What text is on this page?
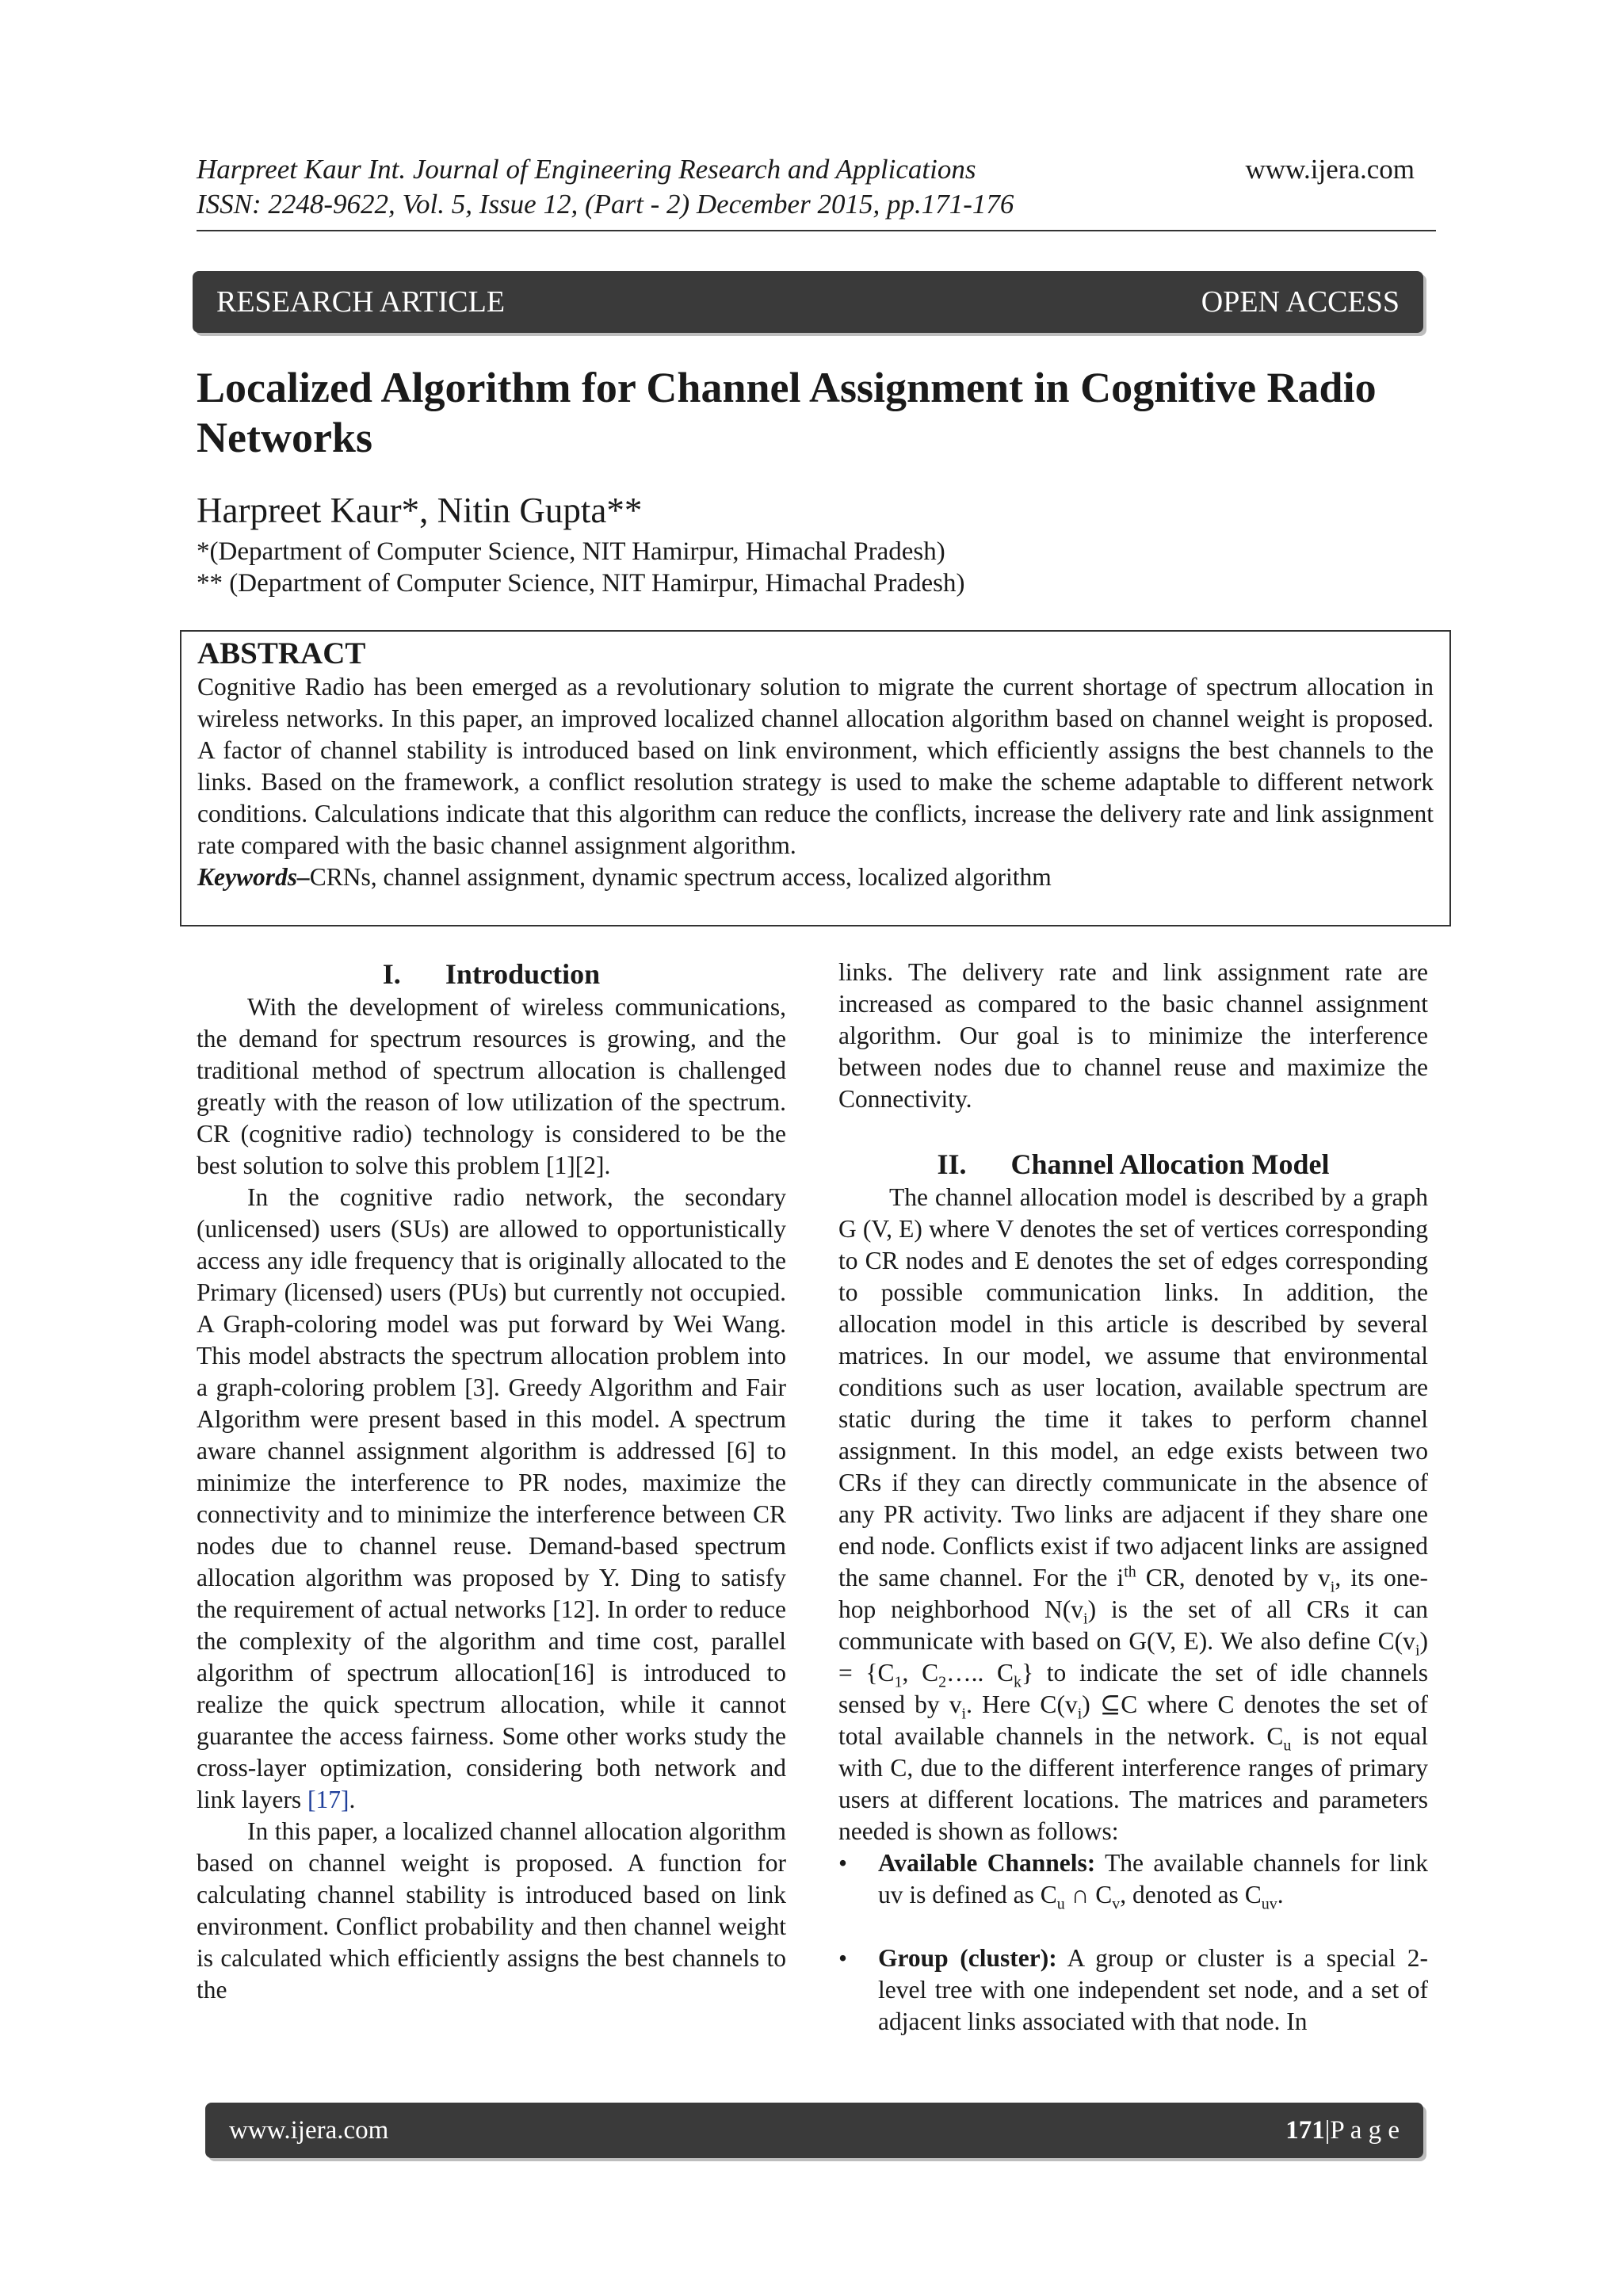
Harpreet Kaur Int. Journal of Engineering Research and Applications
ISSN: 2248-9622, Vol. 5, Issue 12, (Part - 2) December 2015, pp.171-176
www.ijera.com
RESEARCH ARTICLE	OPEN ACCESS
Localized Algorithm for Channel Assignment in Cognitive Radio Networks
Harpreet Kaur*, Nitin Gupta**
*(Department of Computer Science, NIT Hamirpur, Himachal Pradesh)
** (Department of Computer Science, NIT Hamirpur, Himachal Pradesh)
ABSTRACT
Cognitive Radio has been emerged as a revolutionary solution to migrate the current shortage of spectrum allocation in wireless networks. In this paper, an improved localized channel allocation algorithm based on channel weight is proposed. A factor of channel stability is introduced based on link environment, which efficiently assigns the best channels to the links. Based on the framework, a conflict resolution strategy is used to make the scheme adaptable to different network conditions. Calculations indicate that this algorithm can reduce the conflicts, increase the delivery rate and link assignment rate compared with the basic channel assignment algorithm.
Keywords–CRNs, channel assignment, dynamic spectrum access, localized algorithm
I. Introduction

With the development of wireless communications, the demand for spectrum resources is growing, and the traditional method of spectrum allocation is challenged greatly with the reason of low utilization of the spectrum. CR (cognitive radio) technology is considered to be the best solution to solve this problem [1][2].

In the cognitive radio network, the secondary (unlicensed) users (SUs) are allowed to opportunistically access any idle frequency that is originally allocated to the Primary (licensed) users (PUs) but currently not occupied. A Graph-coloring model was put forward by Wei Wang. This model abstracts the spectrum allocation problem into a graph-coloring problem [3]. Greedy Algorithm and Fair Algorithm were present based in this model. A spectrum aware channel assignment algorithm is addressed [6] to minimize the interference to PR nodes, maximize the connectivity and to minimize the interference between CR nodes due to channel reuse. Demand-based spectrum allocation algorithm was proposed by Y. Ding to satisfy the requirement of actual networks [12]. In order to reduce the complexity of the algorithm and time cost, parallel algorithm of spectrum allocation[16] is introduced to realize the quick spectrum allocation, while it cannot guarantee the access fairness. Some other works study the cross-layer optimization, considering both network and link layers [17].

In this paper, a localized channel allocation algorithm based on channel weight is proposed. A function for calculating channel stability is introduced based on link environment. Conflict probability and then channel weight is calculated which efficiently assigns the best channels to the

links. The delivery rate and link assignment rate are increased as compared to the basic channel assignment algorithm. Our goal is to minimize the interference between nodes due to channel reuse and maximize the Connectivity.

II. Channel Allocation Model

The channel allocation model is described by a graph G (V, E) where V denotes the set of vertices corresponding to CR nodes and E denotes the set of edges corresponding to possible communication links. In addition, the allocation model in this article is described by several matrices. In our model, we assume that environmental conditions such as user location, available spectrum are static during the time it takes to perform channel assignment. In this model, an edge exists between two CRs if they can directly communicate in the absence of any PR activity. Two links are adjacent if they share one end node. Conflicts exist if two adjacent links are assigned the same channel. For the $i^{th}$ CR, denoted by $v_i$, its one-hop neighborhood $N(v_i)$ is the set of all CRs it can communicate with based on G(V, E). We also define $C(v_i) = \{C_1$, $C_2\dots$.. $C_k$} to indicate the set of idle channels sensed by $v_i$. Here $C(v_i)$ ⊆C where C denotes the set of total available channels in the network. $C_u$ is not equal with C, due to the different interference ranges of primary users at different locations. The matrices and parameters needed is shown as follows:

• Available Channels: The available channels for link uv is defined as $C_u$ ∩ $C_v$, denoted as $C_{uv}$.
• Group (cluster): A group or cluster is a special 2-level tree with one independent set node, and a set of adjacent links associated with that node. In
www.ijera.com	171|P a g e
